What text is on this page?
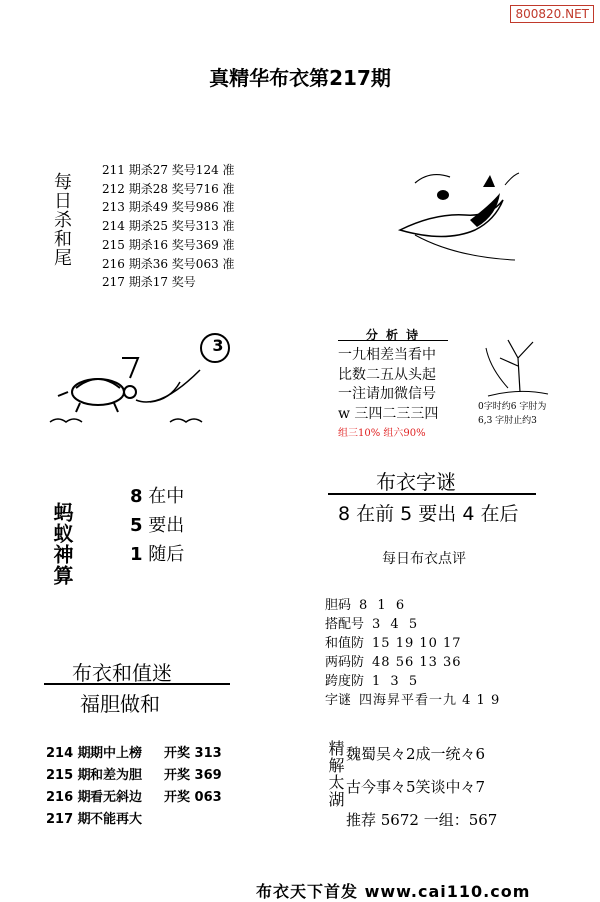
800820.NET
真精华布衣第217期
每日杀和尾
211 期杀27 奖号124 准
212 期杀28 奖号716 准
213 期杀49 奖号986 准
214 期杀25 奖号313 准
215 期杀16 奖号369 准
216 期杀36 奖号063 准
217 期杀17 奖号
3
分 析 诗
一九相差当看中
比数二五从头起
一注请加微信号
w 三四二三三四
组三10% 组六90%
0字时约6 字肘为
6,3 字肘止约3
蚂蚁神算
8 在中
5 要出
1 随后
布衣字谜
8 在前 5 要出 4 在后
每日布衣点评
胆码 8 1 6
搭配号 3 4 5
和值防 15 19 10 17
两码防 48 56 13 36
跨度防 1 3 5
字谜 四海昇平看一九 4 1 9
布衣和值迷
福胆做和
214 期期中上榜 开奖 313
215 期和差为胆 开奖 369
216 期看无斜边 开奖 063
217 期不能再大
精解太湖 魏蜀吴々2成一统々6
古今事々5笑谈中々7
推荐 5672 一组：567
布衣天下首发 www.cai110.com
